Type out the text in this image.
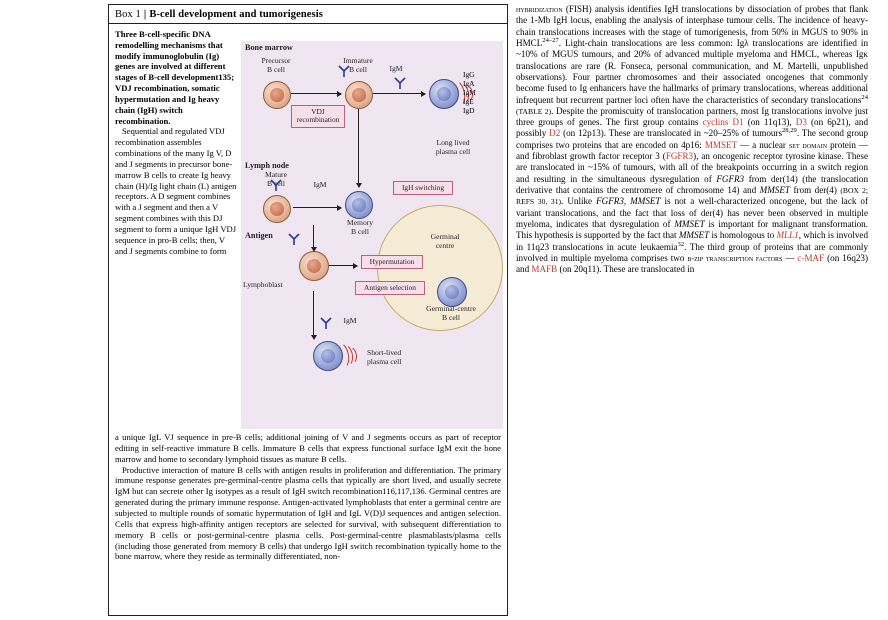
Box 1 | B-cell development and tumorigenesis

Three B-cell-specific DNA remodelling mechanisms that modify immunoglobulin (Ig) genes are involved at different stages of B-cell development135; VDJ recombination, somatic hypermutation and Ig heavy chain (IgH) switch recombination.

Sequential and regulated VDJ recombination assembles combinations of the many Ig V, D and J segments in precursor bone-marrow B cells to create Ig heavy chain (H)/Ig light chain (L) antigen receptors. A D segment combines with a J segment and then a V segment combines with this DJ segment to form a unique IgH VDJ sequence in pro-B cells; then, V and J segments combine to form

Bone marrow
Lymph node
Antigen	Germinal
centre
Precursor
B cell
Immature
B cell
Long lived
plasma cell
IgG
IgA
IgM
IgE
IgD
IgM
VDJ
recombination
Mature
B cell
Memory
B cell
IgM	IgH switching
Lymphoblast
Hypermutation
Antigen selection
Germinal-centre
B cell
Short-lived
plasma cell
IgM

a unique IgL VJ sequence in pre-B cells; additional joining of V and J segments occurs as part of receptor editing in self-reactive immature B cells. Immature B cells that express functional surface IgM exit the bone marrow and home to secondary lymphoid tissues as mature B cells.

Productive interaction of mature B cells with antigen results in proliferation and differentiation. The primary immune response generates pre-germinal-centre plasma cells that typically are short lived, and usually secrete IgM but can secrete other Ig isotypes as a result of IgH switch recombination116,117,136. Germinal centres are generated during the primary immune response. Antigen-activated lymphoblasts that enter a germinal centre are subjected to multiple rounds of somatic hypermutation of IgH and IgL V(D)J sequences and antigen selection. Cells that express high-affinity antigen receptors are selected for survival, with subsequent differentiation to memory B cells or post-germinal-centre plasma cells. Post-germinal-centre plasmablasts/plasma cells (including those generated from memory B cells) that undergo IgH switch recombination typically home to the bone marrow, where they reside as terminally differentiated, non-

hybridization (FISH) analysis identifies IgH translocations by dissociation of probes that flank the 1-Mb IgH locus, enabling the analysis of interphase tumour cells. The incidence of heavy-chain translocations increases with the stage of tumorigenesis, from 50% in MGUS to 90% in HMCL$^{24-27}$. Light-chain translocations are less common: Igλ translocations are identified in ~10% of MGUS tumours, and 20% of advanced multiple myeloma and HMCL, whereas Igκ translocations are rare (R. Fonseca, personal communication, and M. Martelli, unpublished observations). Four partner chromosomes and their associated oncogenes that commonly become fused to Ig enhancers have the hallmarks of primary translocations, whereas additional infrequent but recurrent partner loci often have the characteristics of secondary translocations$^{24}$ (TABLE 2). Despite the promiscuity of translocation partners, most Ig translocations involve just three groups of genes. The first group contains cyclins D1 (on 11q13), D3 (on 6p21), and possibly D2 (on 12p13). These are translocated in ~20–25% of tumours$^{28,29}$. The second group comprises two proteins that are encoded on 4p16: MMSET — a nuclear set domain protein — and fibroblast growth factor receptor 3 (FGFR3), an oncogenic receptor tyrosine kinase. These are translocated in ~15% of tumours, with all of the breakpoints occurring in a switch region and resulting in the simultaneous dysregulation of FGFR3 from der(14) (the translocation derivative that contains the centromere of chromosome 14) and MMSET from der(4) (BOX 2; REFS 30, 31). Unlike FGFR3, MMSET is not a well-characterized oncogene, but the lack of variant translocations, and the fact that loss of der(4) has never been observed in multiple myeloma, indicates that dysregulation of MMSET is important for malignant transformation. This hypothesis is supported by the fact that MMSET is homologous to MLL1, which is involved in 11q23 translocations in acute leukaemia$^{32}$. The third group of proteins that are commonly involved in multiple myeloma comprises two b-zip transcription factors — c-MAF (on 16q23) and MAFB (on 20q11). These are translocated in
